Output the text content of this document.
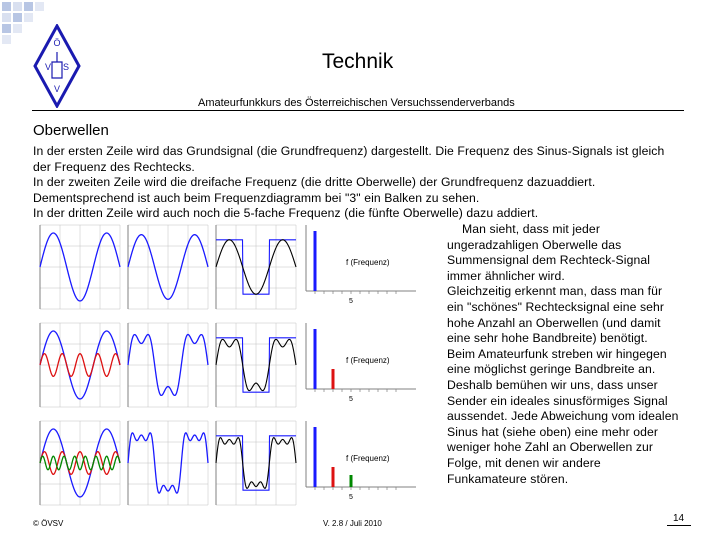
Ö
V S
V
Technik
Amateurfunkkurs des Österreichischen Versuchssenderverbands
Oberwellen

In der ersten Zeile wird das Grundsignal (die Grundfrequenz) dargestellt. Die Frequenz des Sinus-Signals ist gleich

der Frequenz des Rechtecks.

In der zweiten Zeile wird die dreifache Frequenz (die dritte Oberwelle) der Grundfrequenz dazuaddiert.

Dementsprechend ist auch beim Frequenzdiagramm bei "3" ein Balken zu sehen.

In der dritten Zeile wird auch noch die 5-fache Frequenz (die fünfte Oberwelle) dazu addiert.

Man sieht, dass mit jeder

ungeradzahligen Oberwelle das

Summensignal dem Rechteck-Signal

immer ähnlicher wird.

Gleichzeitig erkennt man, dass man für

ein "schönes" Rechtecksignal eine sehr

hohe Anzahl an Oberwellen (und damit

eine sehr hohe Bandbreite) benötigt.

Beim Amateurfunk streben wir hingegen

eine möglichst geringe Bandbreite an.

Deshalb bemühen wir uns, dass unser

Sender ein ideales sinusförmiges Signal

aussendet. Jede Abweichung vom idealen

Sinus hat (siehe oben) eine mehr oder

weniger hohe Zahl an Oberwellen zur

Folge, mit denen wir andere

Funkamateure stören.

f (Frequenz)
5
f (Frequenz)
5
f (Frequenz)
5
© ÖVSV	V. 2.8 / Juli 2010	14
